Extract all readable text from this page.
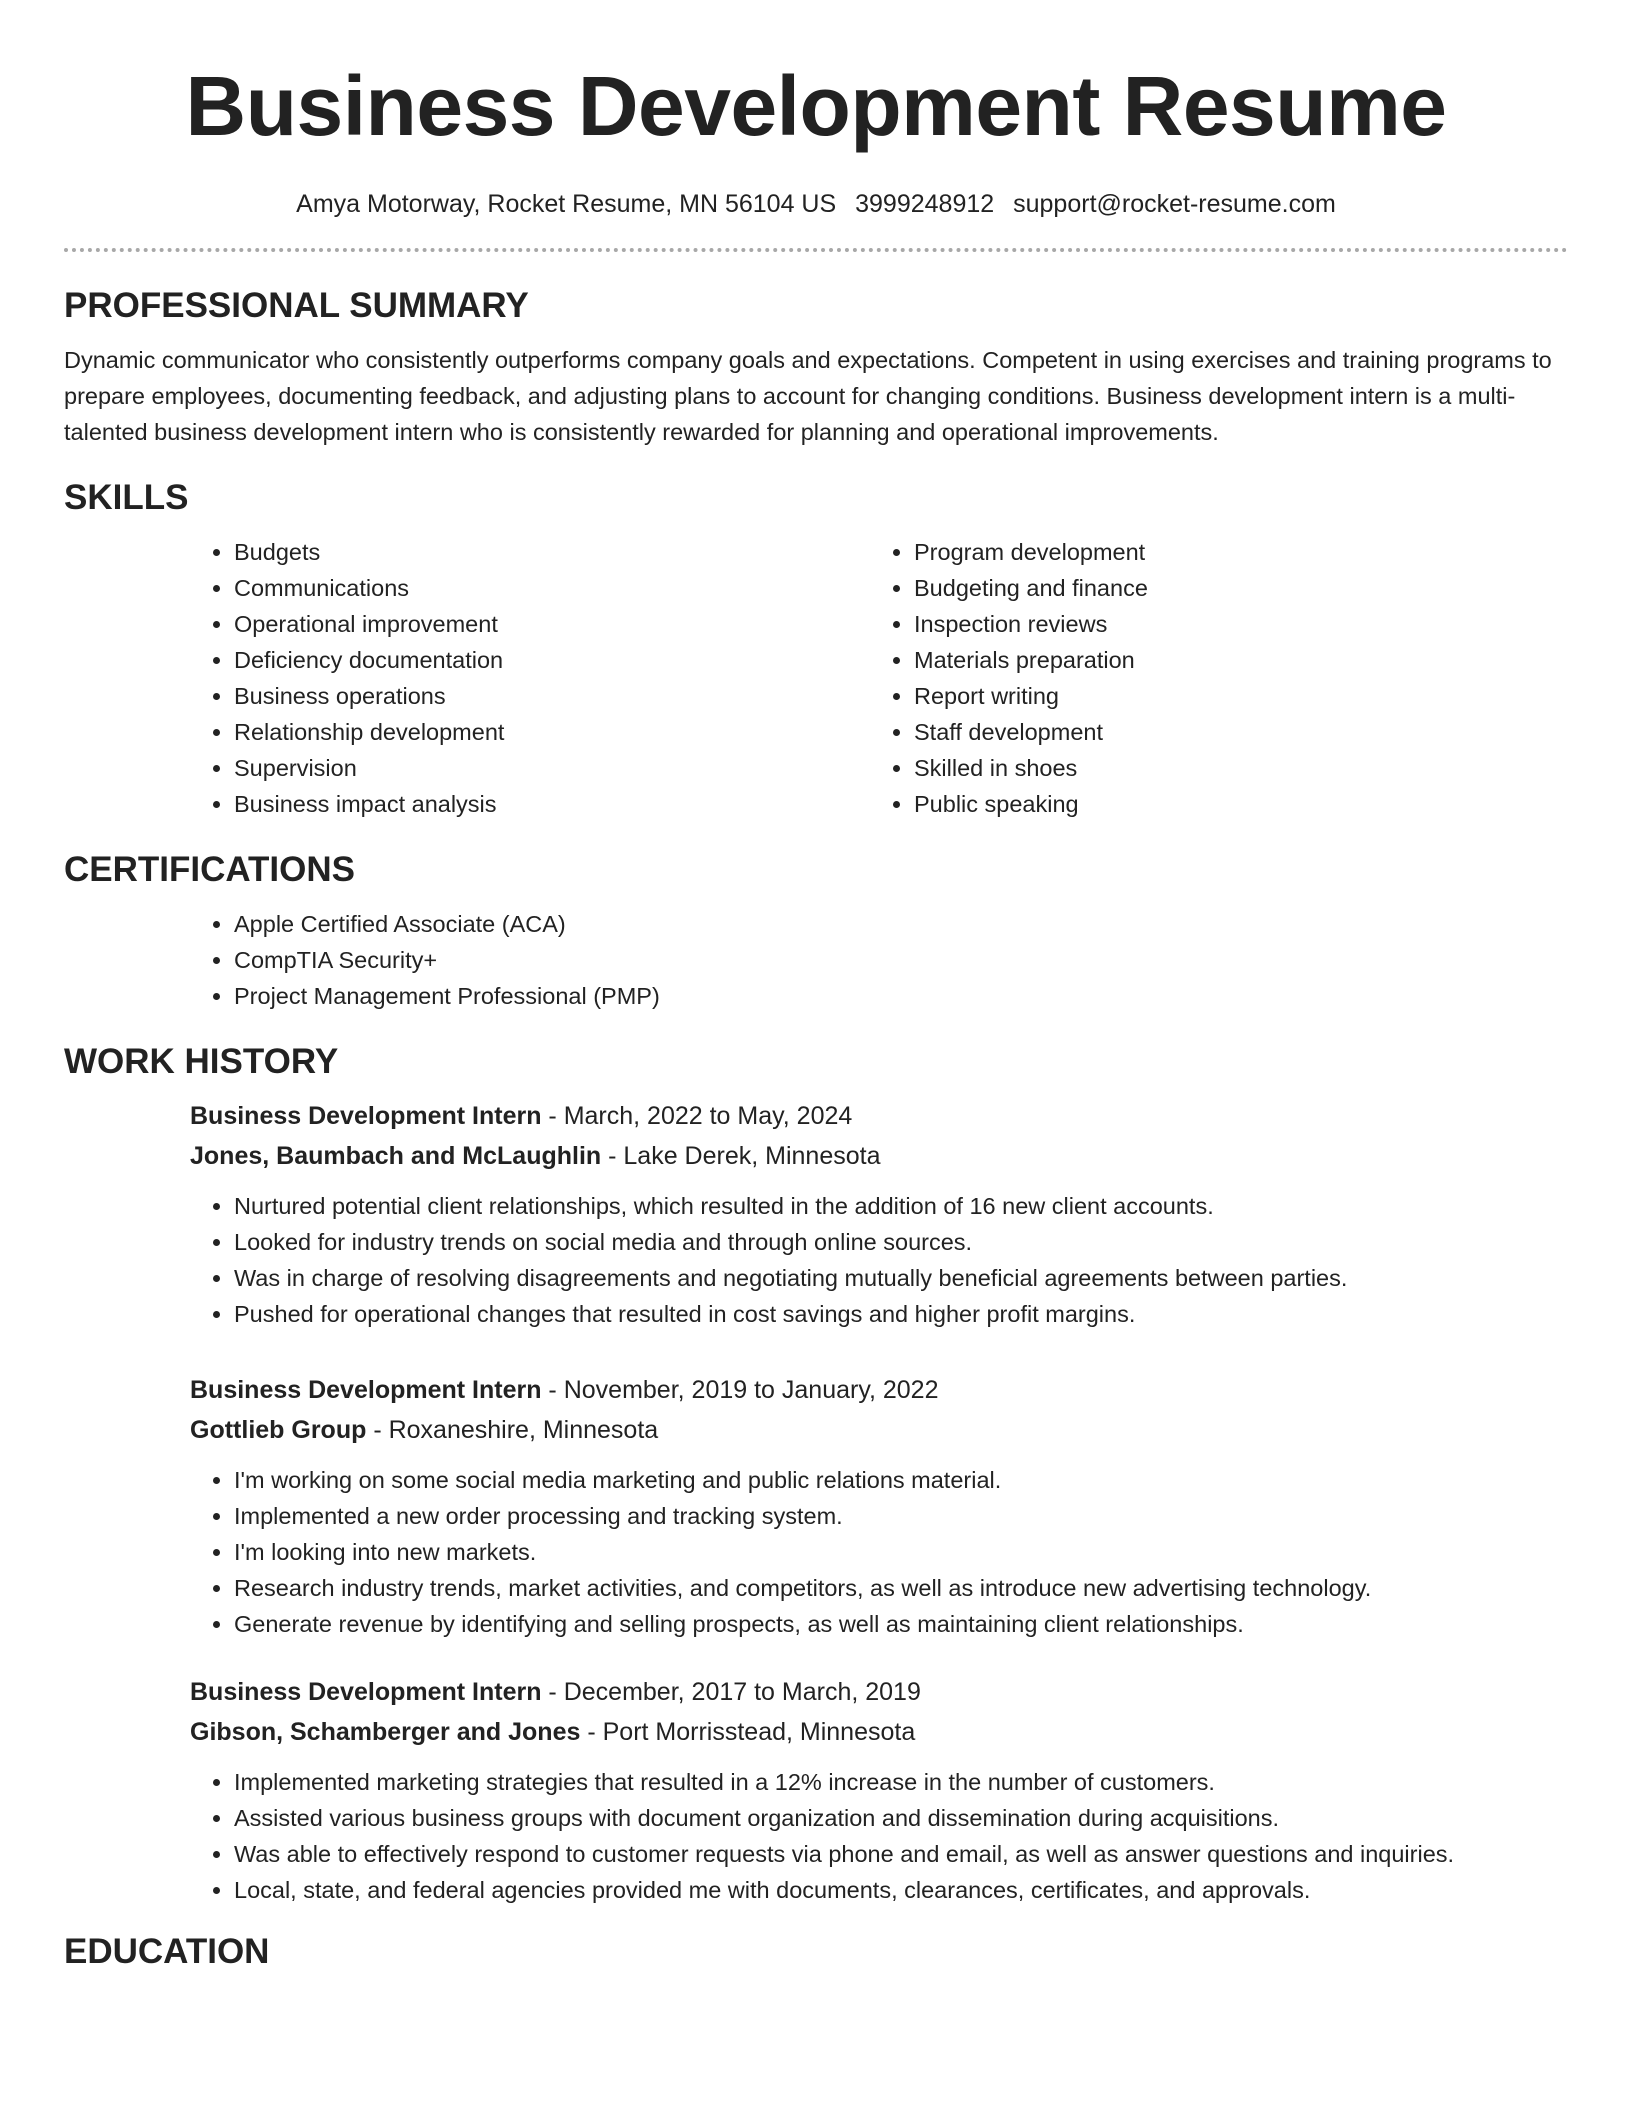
Business Development Resume
Amya Motorway, Rocket Resume, MN 56104 US 3999248912 support@rocket-resume.com
PROFESSIONAL SUMMARY

Dynamic communicator who consistently outperforms company goals and expectations. Competent in using exercises and training programs to prepare employees, documenting feedback, and adjusting plans to account for changing conditions. Business development intern is a multi-talented business development intern who is consistently rewarded for planning and operational improvements.

SKILLS
• Budgets
• Communications
• Operational improvement
• Deficiency documentation
• Business operations
• Relationship development
• Supervision
• Business impact analysis
• Program development
• Budgeting and finance
• Inspection reviews
• Materials preparation
• Report writing
• Staff development
• Skilled in shoes
• Public speaking
CERTIFICATIONS
• Apple Certified Associate (ACA)
• CompTIA Security+
• Project Management Professional (PMP)
WORK HISTORY
Business Development Intern - March, 2022 to May, 2024
Jones, Baumbach and McLaughlin - Lake Derek, Minnesota
• Nurtured potential client relationships, which resulted in the addition of 16 new client accounts.
• Looked for industry trends on social media and through online sources.
• Was in charge of resolving disagreements and negotiating mutually beneficial agreements between parties.
• Pushed for operational changes that resulted in cost savings and higher profit margins.
Business Development Intern - November, 2019 to January, 2022
Gottlieb Group - Roxaneshire, Minnesota
• I'm working on some social media marketing and public relations material.
• Implemented a new order processing and tracking system.
• I'm looking into new markets.
• Research industry trends, market activities, and competitors, as well as introduce new advertising technology.
• Generate revenue by identifying and selling prospects, as well as maintaining client relationships.
Business Development Intern - December, 2017 to March, 2019
Gibson, Schamberger and Jones - Port Morrisstead, Minnesota
• Implemented marketing strategies that resulted in a 12% increase in the number of customers.
• Assisted various business groups with document organization and dissemination during acquisitions.
• Was able to effectively respond to customer requests via phone and email, as well as answer questions and inquiries.
• Local, state, and federal agencies provided me with documents, clearances, certificates, and approvals.
EDUCATION
